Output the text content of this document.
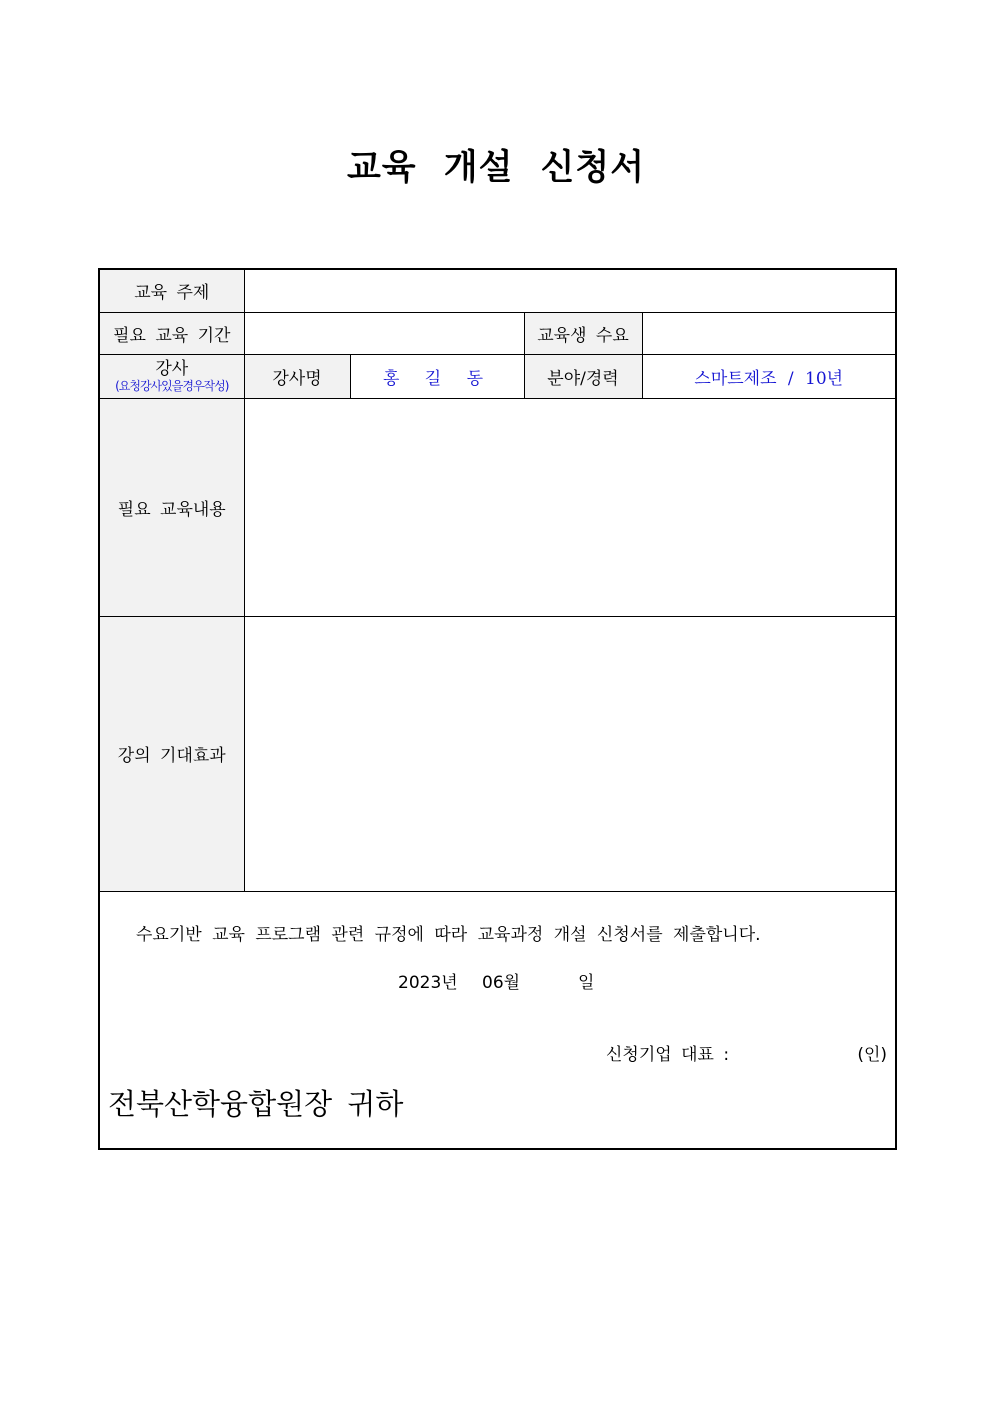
교육 개설 신청서
교육 주제				
필요 교육 기간			교육생 수요	

강사
(요청강사있을경우작성)	강사명	홍 길 동	분야/경력	스마트제조 / 10년
필요 교육내용				
강의 기대효과				

수요기반 교육 프로그램 관련 규정에 따라 교육과정 개설 신청서를 제출합니다.
2023년 06월 일
신청기업 대표 : (인)
전북산학융합원장 귀하				
